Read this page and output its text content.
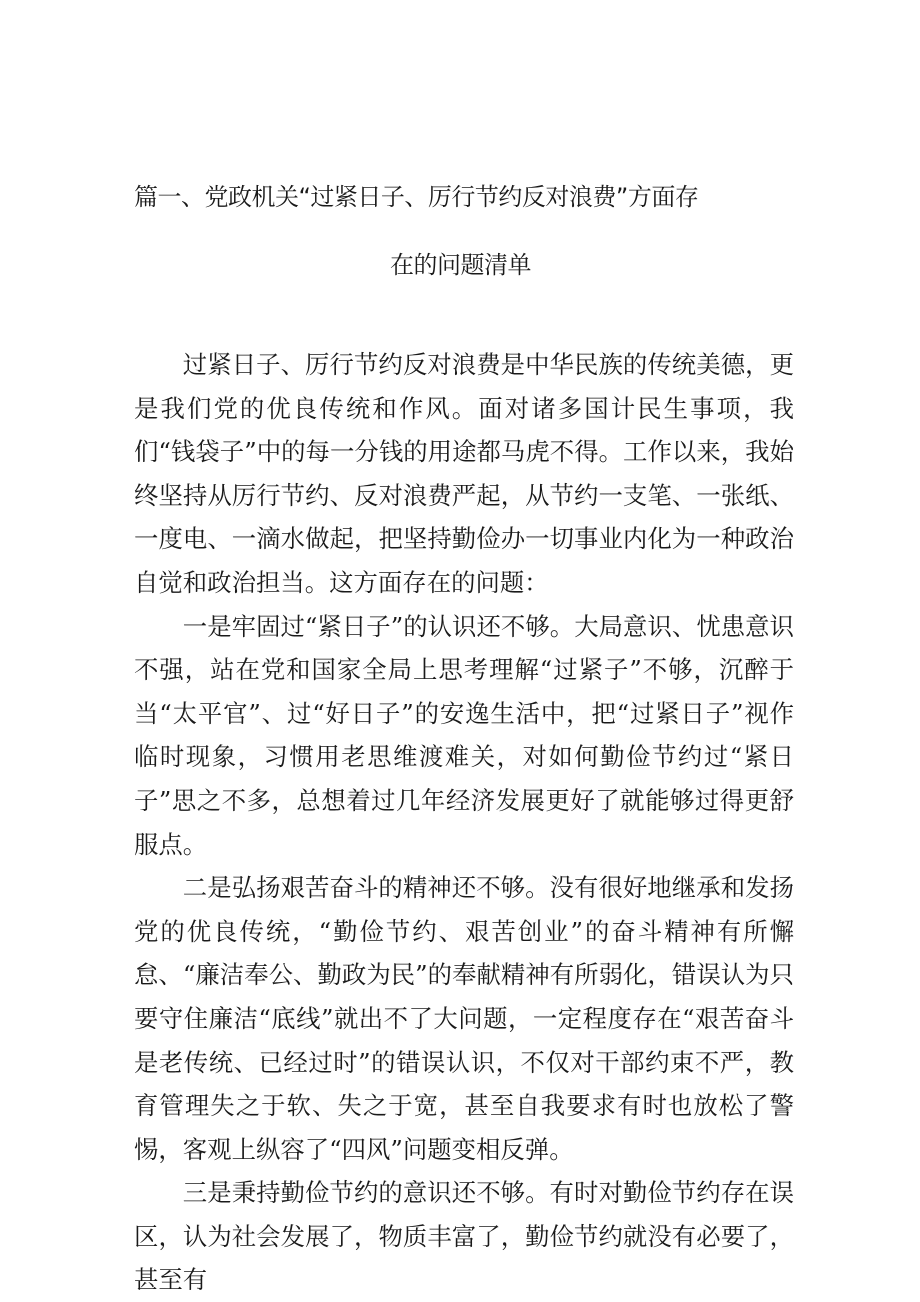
篇一、党政机关“过紧日子、厉行节约反对浪费”方面存
在的问题清单

过紧日子、厉行节约反对浪费是中华民族的传统美德，更是我们党的优良传统和作风。面对诸多国计民生事项，我们“钱袋子”中的每一分钱的用途都马虎不得。工作以来，我始终坚持从厉行节约、反对浪费严起，从节约一支笔、一张纸、一度电、一滴水做起，把坚持勤俭办一切事业内化为一种政治自觉和政治担当。这方面存在的问题：

一是牢固过“紧日子”的认识还不够。大局意识、忧患意识不强，站在党和国家全局上思考理解“过紧子”不够，沉醉于当“太平官”、过“好日子”的安逸生活中，把“过紧日子”视作临时现象，习惯用老思维渡难关，对如何勤俭节约过“紧日子”思之不多，总想着过几年经济发展更好了就能够过得更舒服点。

二是弘扬艰苦奋斗的精神还不够。没有很好地继承和发扬党的优良传统，“勤俭节约、艰苦创业”的奋斗精神有所懈怠、“廉洁奉公、勤政为民”的奉献精神有所弱化，错误认为只要守住廉洁“底线”就出不了大问题，一定程度存在“艰苦奋斗是老传统、已经过时”的错误认识，不仅对干部约束不严，教育管理失之于软、失之于宽，甚至自我要求有时也放松了警惕，客观上纵容了“四风”问题变相反弹。

三是秉持勤俭节约的意识还不够。有时对勤俭节约存在误区，认为社会发展了，物质丰富了，勤俭节约就没有必要了，甚至有
